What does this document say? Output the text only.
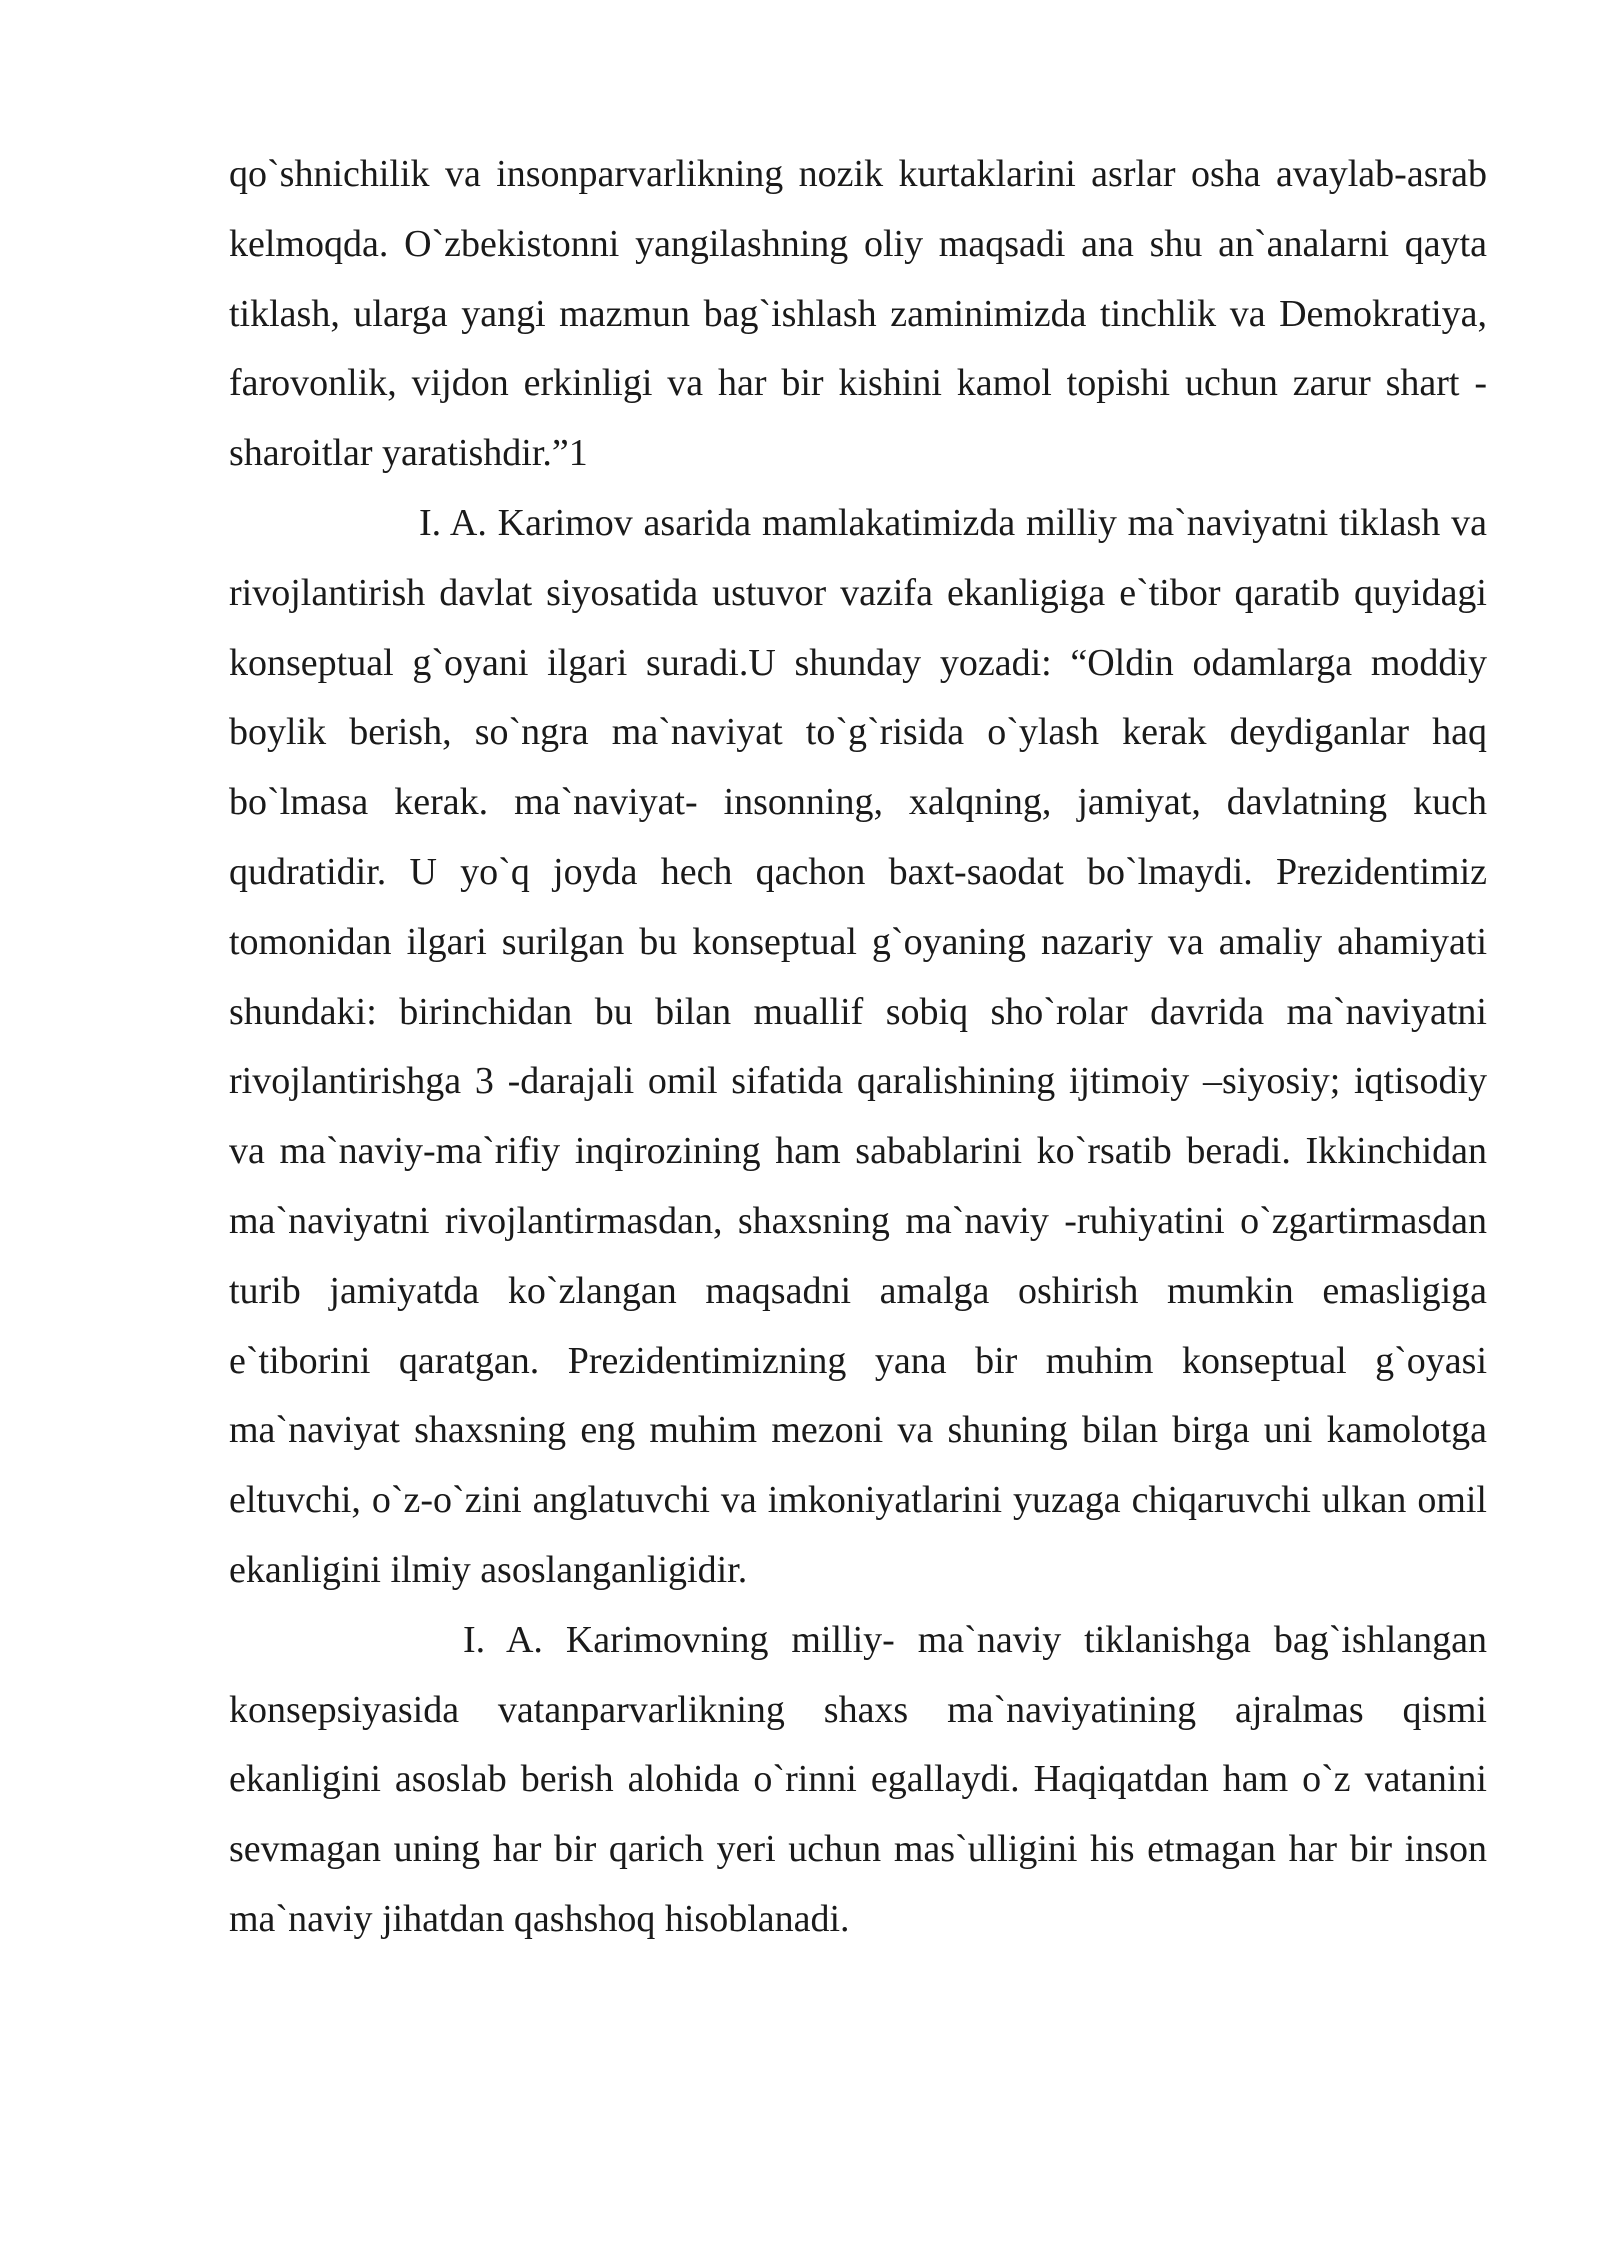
qo`shnichilik va insonparvarlikning nozik kurtaklarini asrlar osha avaylab-asrab kelmoqda. O`zbekistonni yangilashning oliy maqsadi ana shu an`analarni qayta tiklash, ularga yangi mazmun bag`ishlash zaminimizda tinchlik va Demokratiya, farovonlik, vijdon erkinligi va har bir kishini kamol topishi uchun zarur shart - sharoitlar yaratishdir.”1

I. A. Karimov asarida mamlakatimizda milliy ma`naviyatni tiklash va rivojlantirish davlat siyosatida ustuvor vazifa ekanligiga e`tibor qaratib quyidagi konseptual g`oyani ilgari suradi.U shunday yozadi: “Oldin odamlarga moddiy boylik berish, so`ngra ma`naviyat to`g`risida o`ylash kerak deydiganlar haq bo`lmasa kerak. ma`naviyat- insonning, xalqning, jamiyat, davlatning kuch qudratidir. U yo`q joyda hech qachon baxt-saodat bo`lmaydi. Prezidentimiz tomonidan ilgari surilgan bu konseptual g`oyaning nazariy va amaliy ahamiyati shundaki: birinchidan bu bilan muallif sobiq sho`rolar davrida ma`naviyatni rivojlantirishga 3 -darajali omil sifatida qaralishining ijtimoiy –siyosiy; iqtisodiy va ma`naviy-ma`rifiy inqirozining ham sabablarini ko`rsatib beradi. Ikkinchidan ma`naviyatni rivojlantirmasdan, shaxsning ma`naviy -ruhiyatini o`zgartirmasdan turib jamiyatda ko`zlangan maqsadni amalga oshirish mumkin emasligiga e`tiborini qaratgan. Prezidentimizning yana bir muhim konseptual g`oyasi ma`naviyat shaxsning eng muhim mezoni va shuning bilan birga uni kamolotga eltuvchi, o`z-o`zini anglatuvchi va imkoniyatlarini yuzaga chiqaruvchi ulkan omil ekanligini ilmiy asoslanganligidir.

I. A. Karimovning milliy- ma`naviy tiklanishga bag`ishlangan konsepsiyasida vatanparvarlikning shaxs ma`naviyatining ajralmas qismi ekanligini asoslab berish alohida o`rinni egallaydi. Haqiqatdan ham o`z vatanini sevmagan uning har bir qarich yeri uchun mas`ulligini his etmagan har bir inson ma`naviy jihatdan qashshoq hisoblanadi.
